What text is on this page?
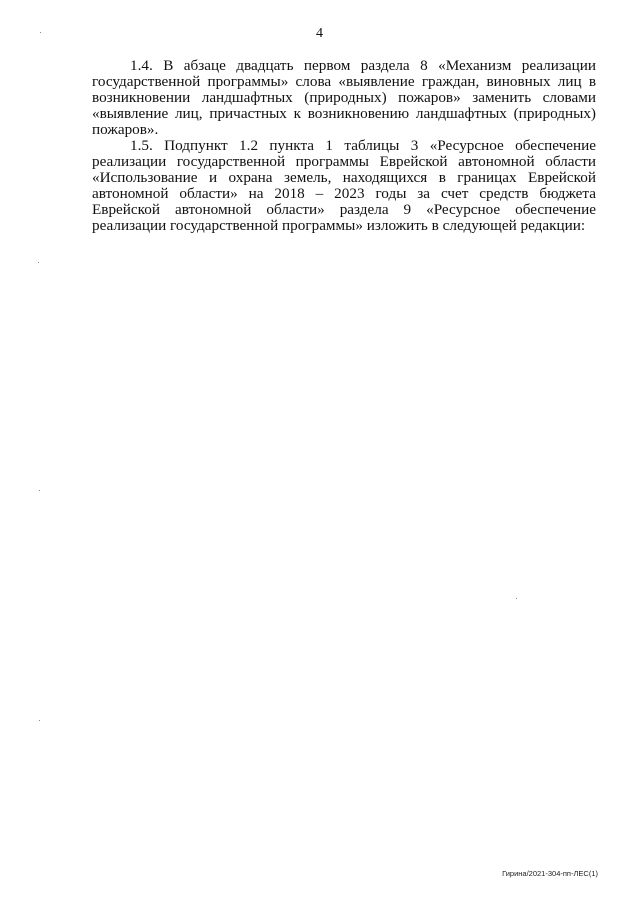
4

1.4. В абзаце двадцать первом раздела 8 «Механизм реализации государственной программы» слова «выявление граждан, виновных лиц в возникновении ландшафтных (природных) пожаров» заменить словами «выявление лиц, причастных к возникновению ландшафтных (природных) пожаров».

1.5. Подпункт 1.2 пункта 1 таблицы 3 «Ресурсное обеспечение реализации государственной программы Еврейской автономной области «Использование и охрана земель, находящихся в границах Еврейской автономной области» на 2018 – 2023 годы за счет средств бюджета Еврейской автономной области» раздела 9 «Ресурсное обеспечение реализации государственной программы» изложить в следующей редакции:

Гирина/2021-304-пп-ЛЕС(1)
